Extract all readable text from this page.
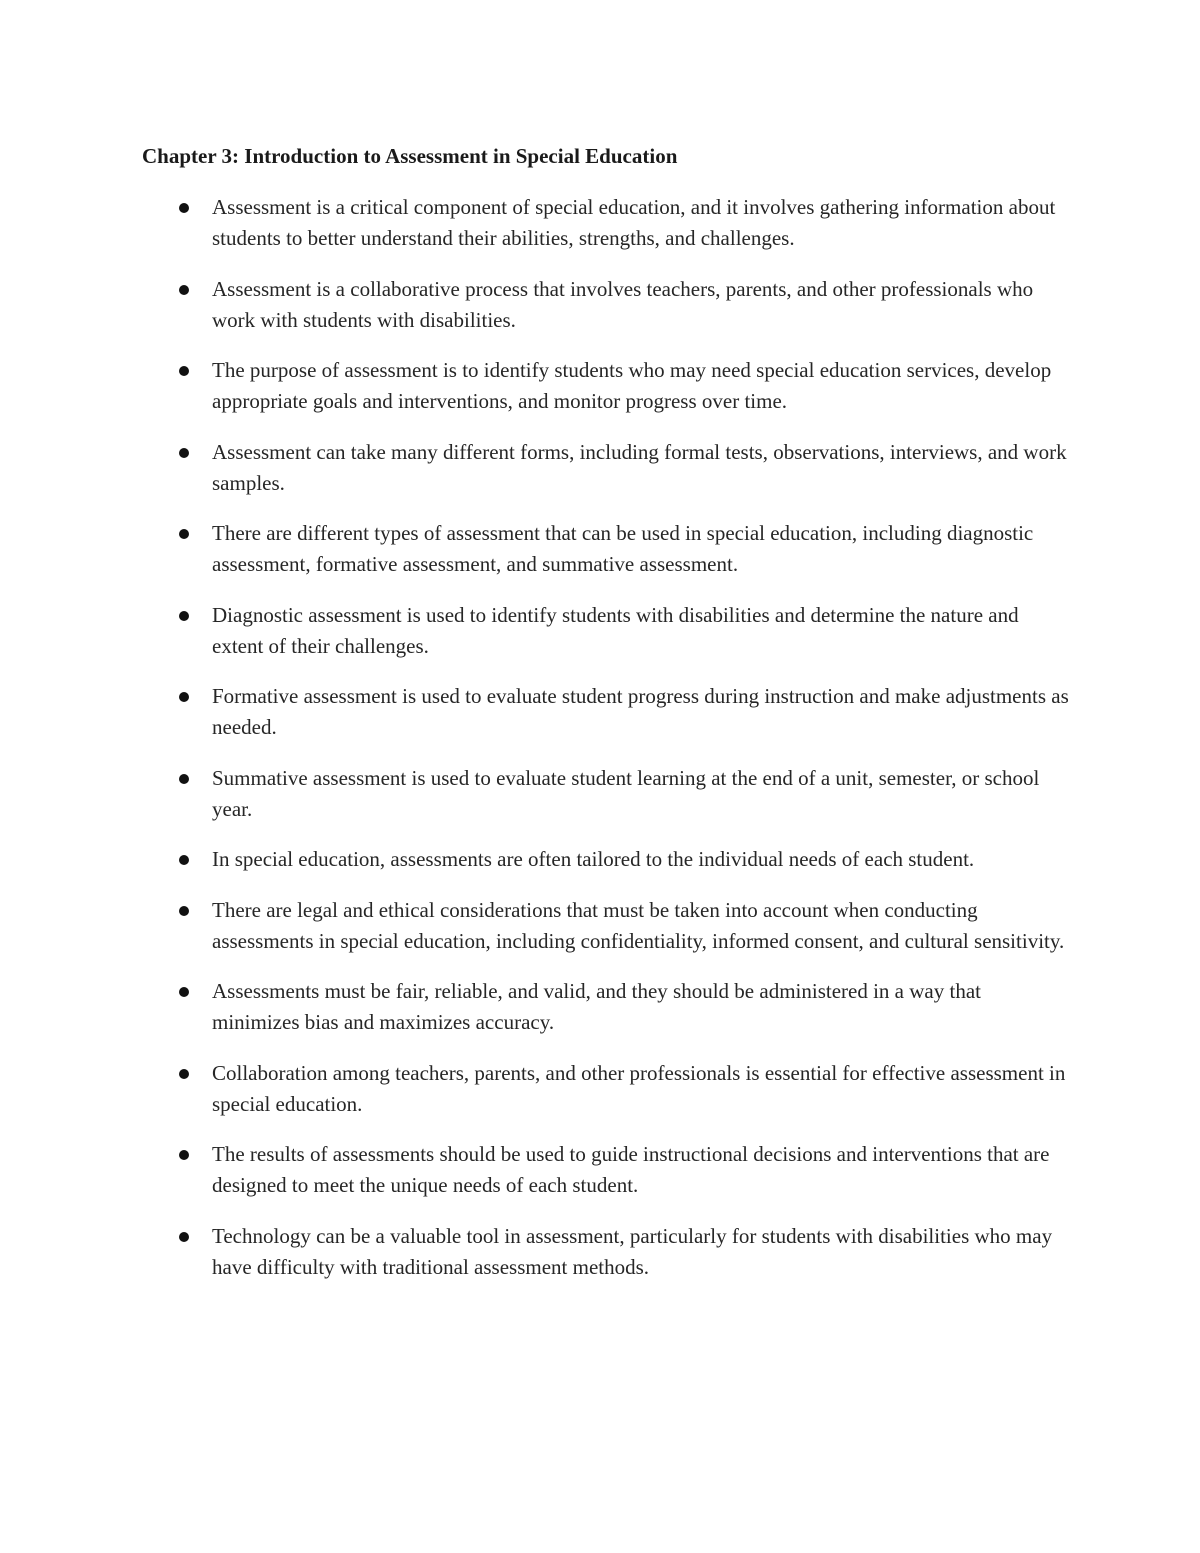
Chapter 3: Introduction to Assessment in Special Education
Assessment is a critical component of special education, and it involves gathering information about students to better understand their abilities, strengths, and challenges.
Assessment is a collaborative process that involves teachers, parents, and other professionals who work with students with disabilities.
The purpose of assessment is to identify students who may need special education services, develop appropriate goals and interventions, and monitor progress over time.
Assessment can take many different forms, including formal tests, observations, interviews, and work samples.
There are different types of assessment that can be used in special education, including diagnostic assessment, formative assessment, and summative assessment.
Diagnostic assessment is used to identify students with disabilities and determine the nature and extent of their challenges.
Formative assessment is used to evaluate student progress during instruction and make adjustments as needed.
Summative assessment is used to evaluate student learning at the end of a unit, semester, or school year.
In special education, assessments are often tailored to the individual needs of each student.
There are legal and ethical considerations that must be taken into account when conducting assessments in special education, including confidentiality, informed consent, and cultural sensitivity.
Assessments must be fair, reliable, and valid, and they should be administered in a way that minimizes bias and maximizes accuracy.
Collaboration among teachers, parents, and other professionals is essential for effective assessment in special education.
The results of assessments should be used to guide instructional decisions and interventions that are designed to meet the unique needs of each student.
Technology can be a valuable tool in assessment, particularly for students with disabilities who may have difficulty with traditional assessment methods.
